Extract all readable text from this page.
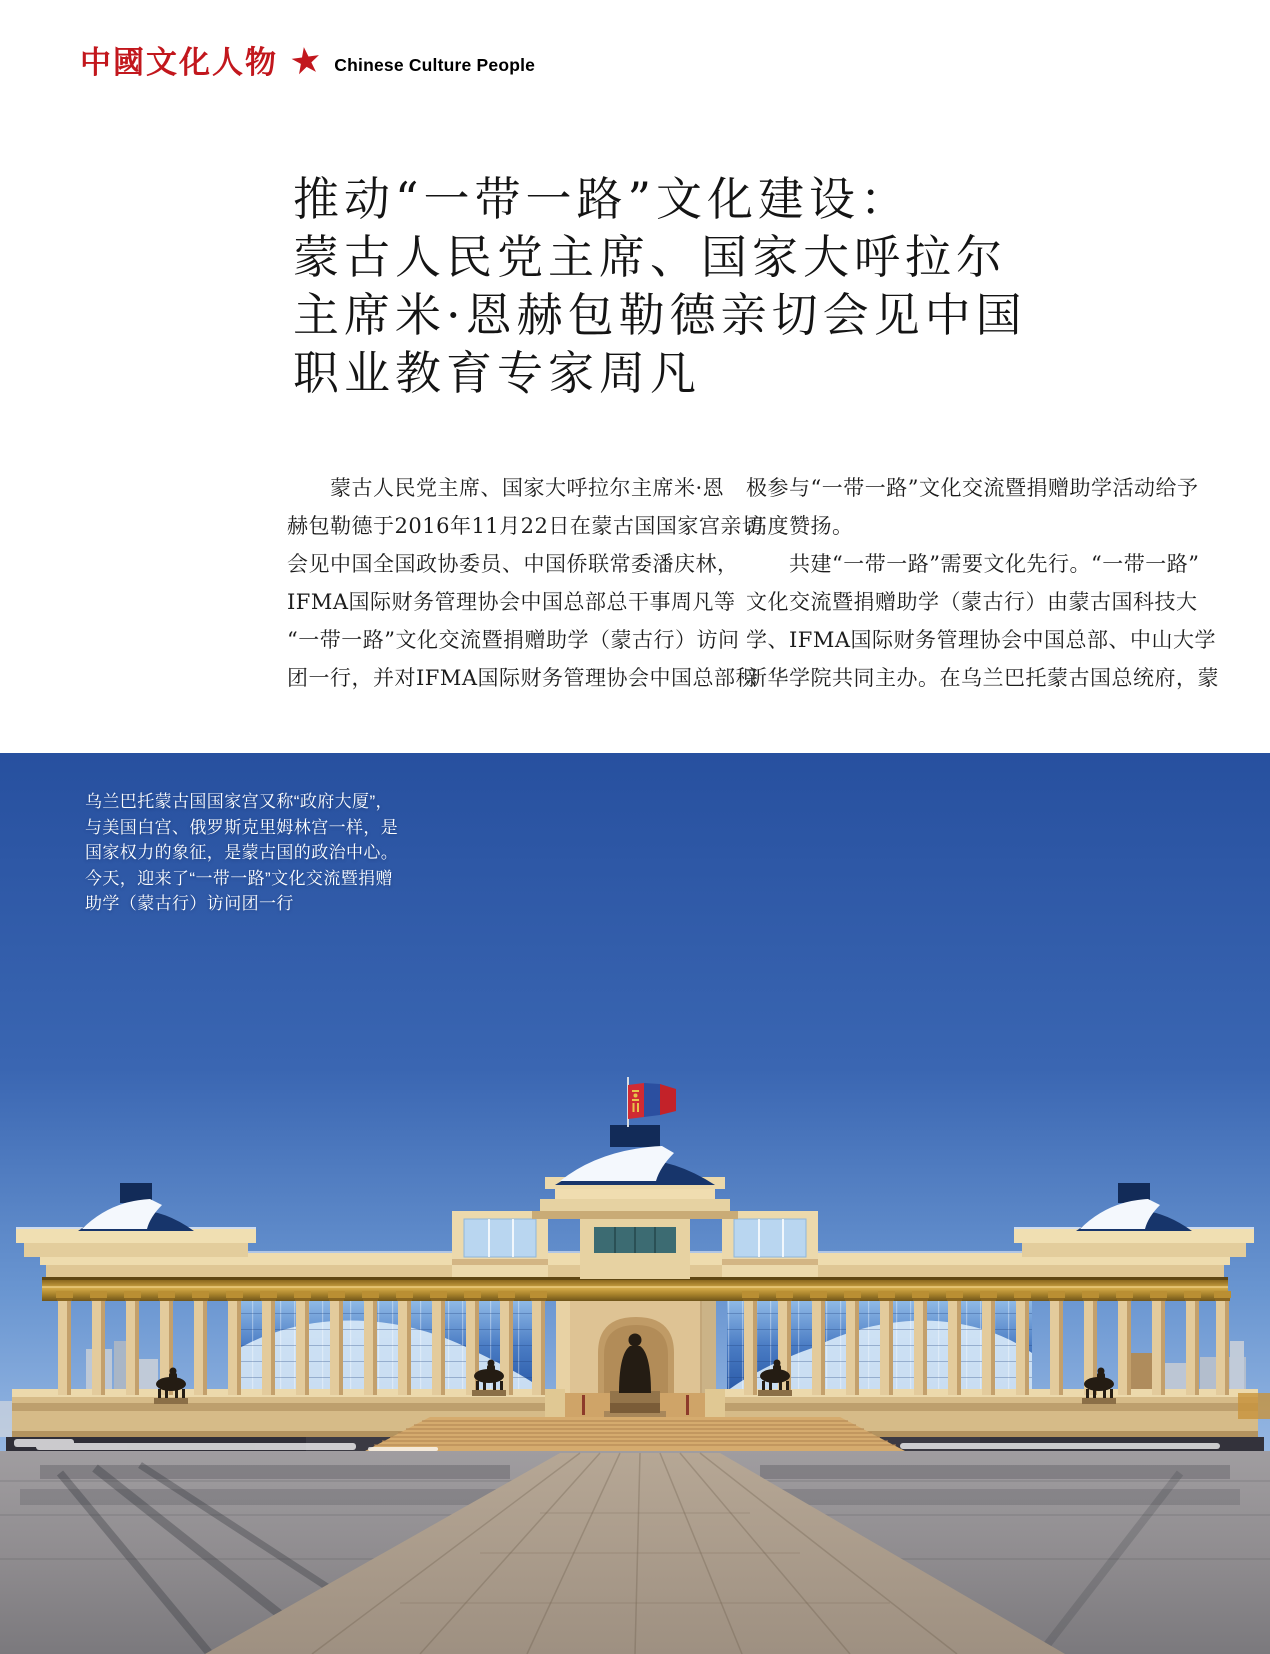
中國文化人物 ★ Chinese Culture People
推动“一带一路”文化建设：
蒙古人民党主席、国家大呼拉尔
主席米·恩赫包勒德亲切会见中国
职业教育专家周凡
　　蒙古人民党主席、国家大呼拉尔主席米·恩
赫包勒德于2016年11月22日在蒙古国国家宫亲切
会见中国全国政协委员、中国侨联常委潘庆林，
IFMA国际财务管理协会中国总部总干事周凡等
“一带一路”文化交流暨捐赠助学（蒙古行）访问
团一行，并对IFMA国际财务管理协会中国总部积
极参与“一带一路”文化交流暨捐赠助学活动给予
高度赞扬。
　　共建“一带一路”需要文化先行。“一带一路”
文化交流暨捐赠助学（蒙古行）由蒙古国科技大
学、IFMA国际财务管理协会中国总部、中山大学
新华学院共同主办。在乌兰巴托蒙古国总统府，蒙
乌兰巴托蒙古国国家宫又称“政府大厦”，
与美国白宫、俄罗斯克里姆林宫一样，是
国家权力的象征，是蒙古国的政治中心。
今天，迎来了“一带一路”文化交流暨捐赠
助学（蒙古行）访问团一行
